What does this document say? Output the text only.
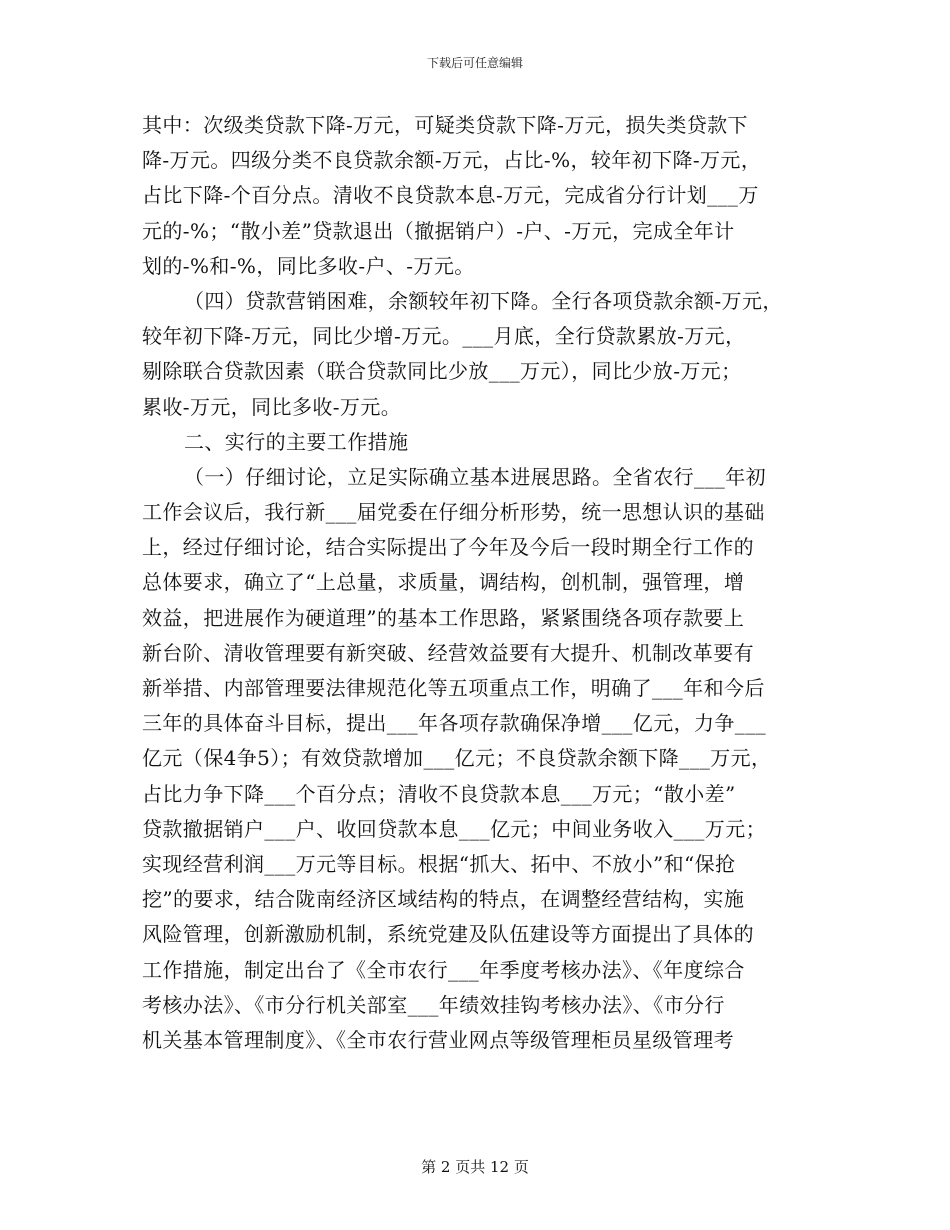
下载后可任意编辑
其中：次级类贷款下降-万元，可疑类贷款下降-万元，损失类贷款下
降-万元。四级分类不良贷款余额-万元，占比-%，较年初下降-万元，
占比下降-个百分点。清收不良贷款本息-万元，完成省分行计划___万
元的-%；“散小差”贷款退出（撤据销户）-户、-万元，完成全年计
划的-%和-%，同比多收-户、-万元。
（四）贷款营销困难，余额较年初下降。全行各项贷款余额-万元，
较年初下降-万元，同比少增-万元。___月底，全行贷款累放-万元，
剔除联合贷款因素（联合贷款同比少放___万元），同比少放-万元；
累收-万元，同比多收-万元。
二、实行的主要工作措施
（一）仔细讨论，立足实际确立基本进展思路。全省农行___年初
工作会议后，我行新___届党委在仔细分析形势，统一思想认识的基础
上，经过仔细讨论，结合实际提出了今年及今后一段时期全行工作的
总体要求，确立了“上总量，求质量，调结构，创机制，强管理，增
效益，把进展作为硬道理”的基本工作思路，紧紧围绕各项存款要上
新台阶、清收管理要有新突破、经营效益要有大提升、机制改革要有
新举措、内部管理要法律规范化等五项重点工作，明确了___年和今后
三年的具体奋斗目标，提出___年各项存款确保净增___亿元，力争___
亿元（保4争5）；有效贷款增加___亿元；不良贷款余额下降___万元，
占比力争下降___个百分点；清收不良贷款本息___万元；“散小差”
贷款撤据销户___户、收回贷款本息___亿元；中间业务收入___万元；
实现经营利润___万元等目标。根据“抓大、拓中、不放小”和“保抢
挖”的要求，结合陇南经济区域结构的特点，在调整经营结构，实施
风险管理，创新激励机制，系统党建及队伍建设等方面提出了具体的
工作措施，制定出台了《全市农行___年季度考核办法》、《年度综合
考核办法》、《市分行机关部室___年绩效挂钩考核办法》、《市分行
机关基本管理制度》、《全市农行营业网点等级管理柜员星级管理考
第 2 页共 12 页
